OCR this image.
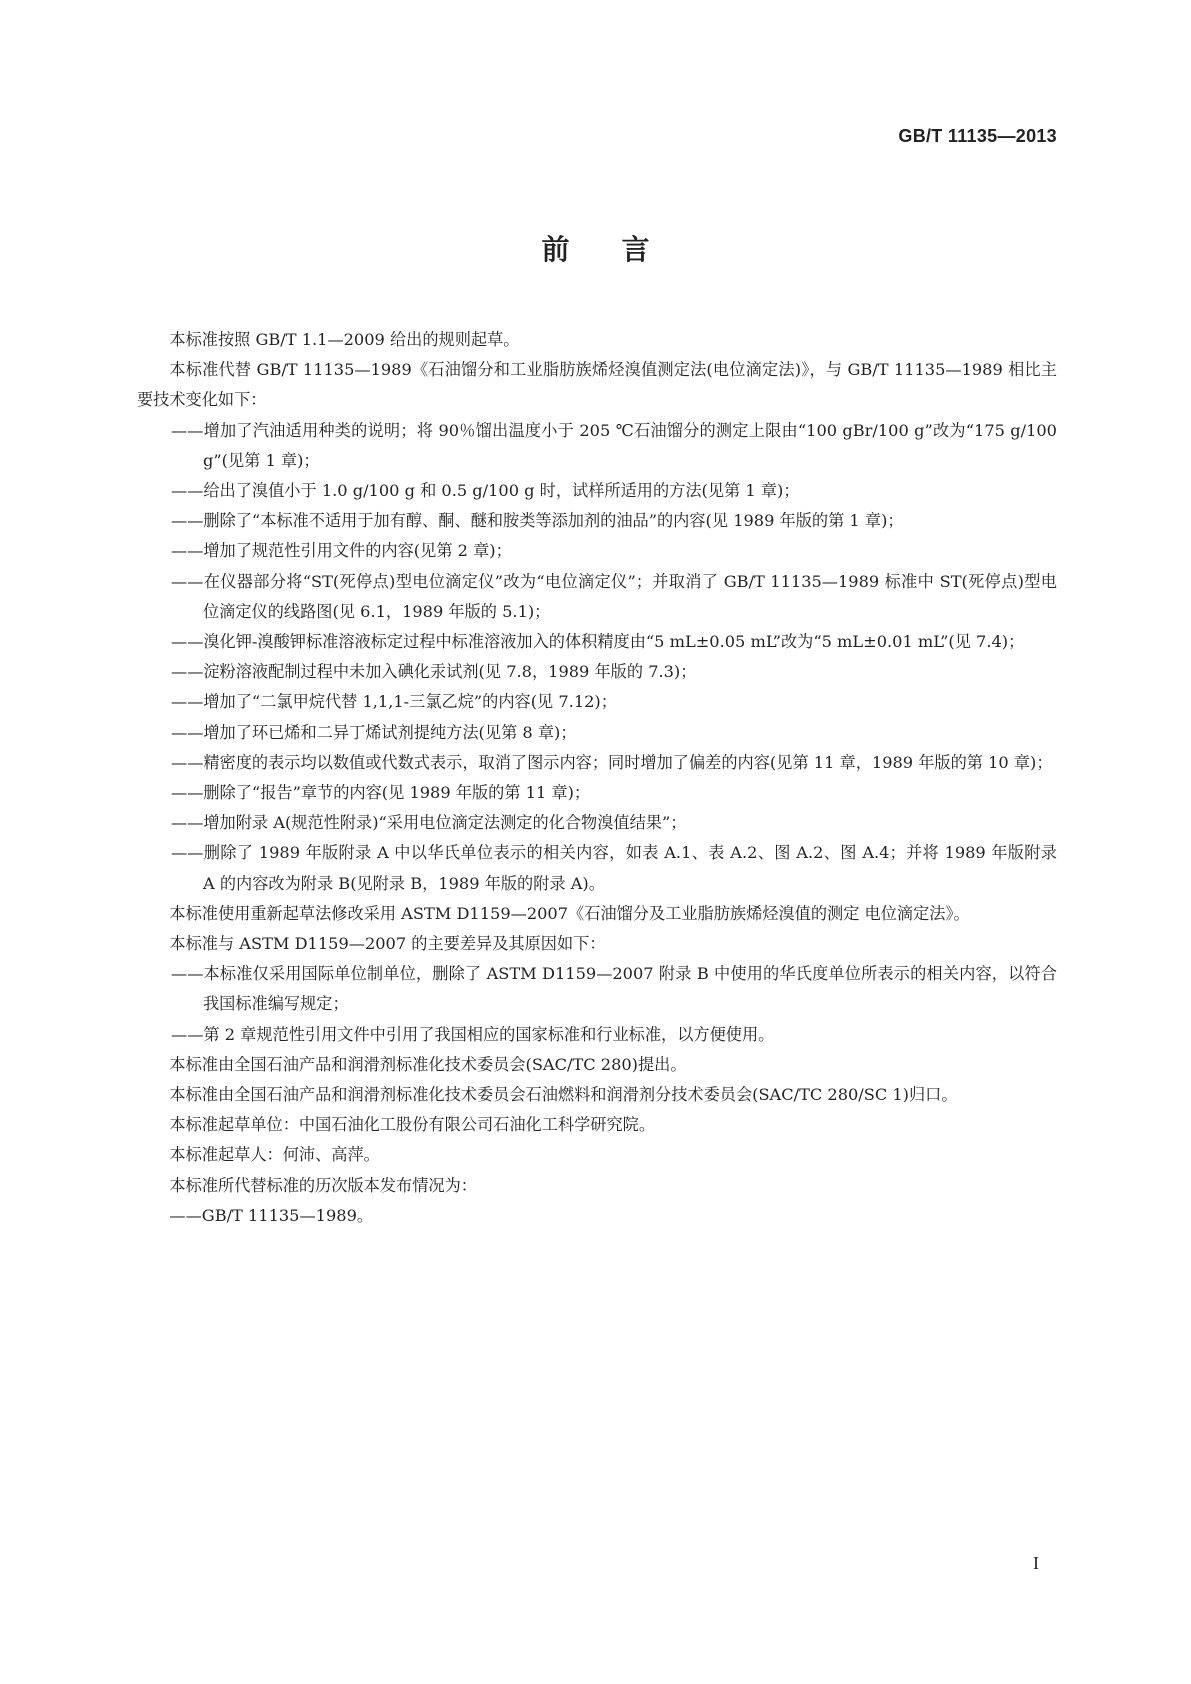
GB/T 11135—2013
前言

本标准按照 GB/T 1.1—2009 给出的规则起草。

本标准代替 GB/T 11135—1989《石油馏分和工业脂肪族烯烃溴值测定法(电位滴定法)》，与 GB/T 11135—1989 相比主要技术变化如下：

——增加了汽油适用种类的说明；将 90％馏出温度小于 205 ℃石油馏分的测定上限由“100 gBr/100 g”改为“175 g/100 g”(见第 1 章)；

——给出了溴值小于 1.0 g/100 g 和 0.5 g/100 g 时，试样所适用的方法(见第 1 章)；

——删除了“本标准不适用于加有醇、酮、醚和胺类等添加剂的油品”的内容(见 1989 年版的第 1 章)；

——增加了规范性引用文件的内容(见第 2 章)；

——在仪器部分将“ST(死停点)型电位滴定仪”改为“电位滴定仪”；并取消了 GB/T 11135—1989 标准中 ST(死停点)型电位滴定仪的线路图(见 6.1，1989 年版的 5.1)；

——溴化钾-溴酸钾标准溶液标定过程中标准溶液加入的体积精度由“5 mL±0.05 mL”改为“5 mL±0.01 mL”(见 7.4)；

——淀粉溶液配制过程中未加入碘化汞试剂(见 7.8，1989 年版的 7.3)；

——增加了“二氯甲烷代替 1,1,1-三氯乙烷”的内容(见 7.12)；

——增加了环已烯和二异丁烯试剂提纯方法(见第 8 章)；

——精密度的表示均以数值或代数式表示，取消了图示内容；同时增加了偏差的内容(见第 11 章，1989 年版的第 10 章)；

——删除了“报告”章节的内容(见 1989 年版的第 11 章)；

——增加附录 A(规范性附录)“采用电位滴定法测定的化合物溴值结果”；

——删除了 1989 年版附录 A 中以华氏单位表示的相关内容，如表 A.1、表 A.2、图 A.2、图 A.4；并将 1989 年版附录 A 的内容改为附录 B(见附录 B，1989 年版的附录 A)。

本标准使用重新起草法修改采用 ASTM D1159—2007《石油馏分及工业脂肪族烯烃溴值的测定 电位滴定法》。

本标准与 ASTM D1159—2007 的主要差异及其原因如下：

——本标准仅采用国际单位制单位，删除了 ASTM D1159—2007 附录 B 中使用的华氏度单位所表示的相关内容，以符合我国标准编写规定；

——第 2 章规范性引用文件中引用了我国相应的国家标准和行业标准，以方便使用。

本标准由全国石油产品和润滑剂标准化技术委员会(SAC/TC 280)提出。

本标准由全国石油产品和润滑剂标准化技术委员会石油燃料和润滑剂分技术委员会(SAC/TC 280/SC 1)归口。

本标准起草单位：中国石油化工股份有限公司石油化工科学研究院。

本标准起草人：何沛、高萍。

本标准所代替标准的历次版本发布情况为：

——GB/T 11135—1989。

I
